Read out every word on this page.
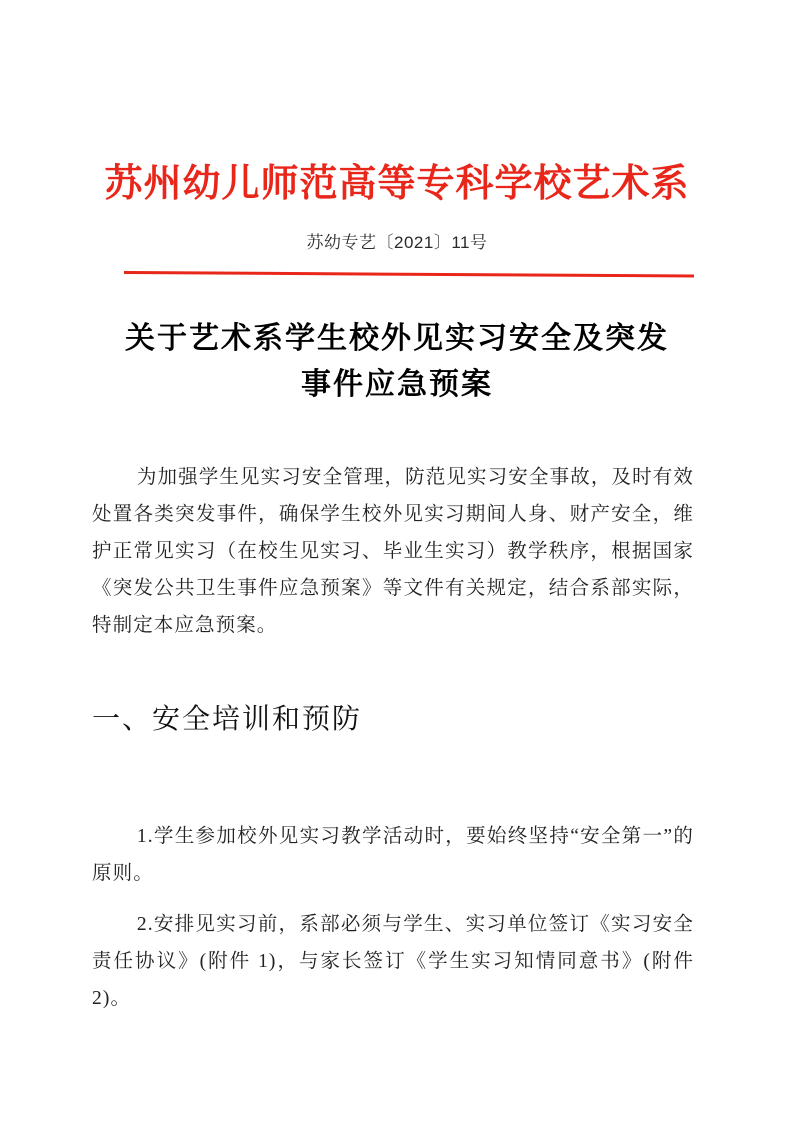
苏州幼儿师范高等专科学校艺术系
苏幼专艺〔2021〕11号
关于艺术系学生校外见实习安全及突发
事件应急预案

为加强学生见实习安全管理，防范见实习安全事故，及时有效处置各类突发事件，确保学生校外见实习期间人身、财产安全，维护正常见实习（在校生见实习、毕业生实习）教学秩序，根据国家《突发公共卫生事件应急预案》等文件有关规定，结合系部实际，特制定本应急预案。

一、安全培训和预防

1.学生参加校外见实习教学活动时，要始终坚持“安全第一”的原则。

2.安排见实习前，系部必须与学生、实习单位签订《实习安全责任协议》(附件 1)，与家长签订《学生实习知情同意书》(附件 2)。
